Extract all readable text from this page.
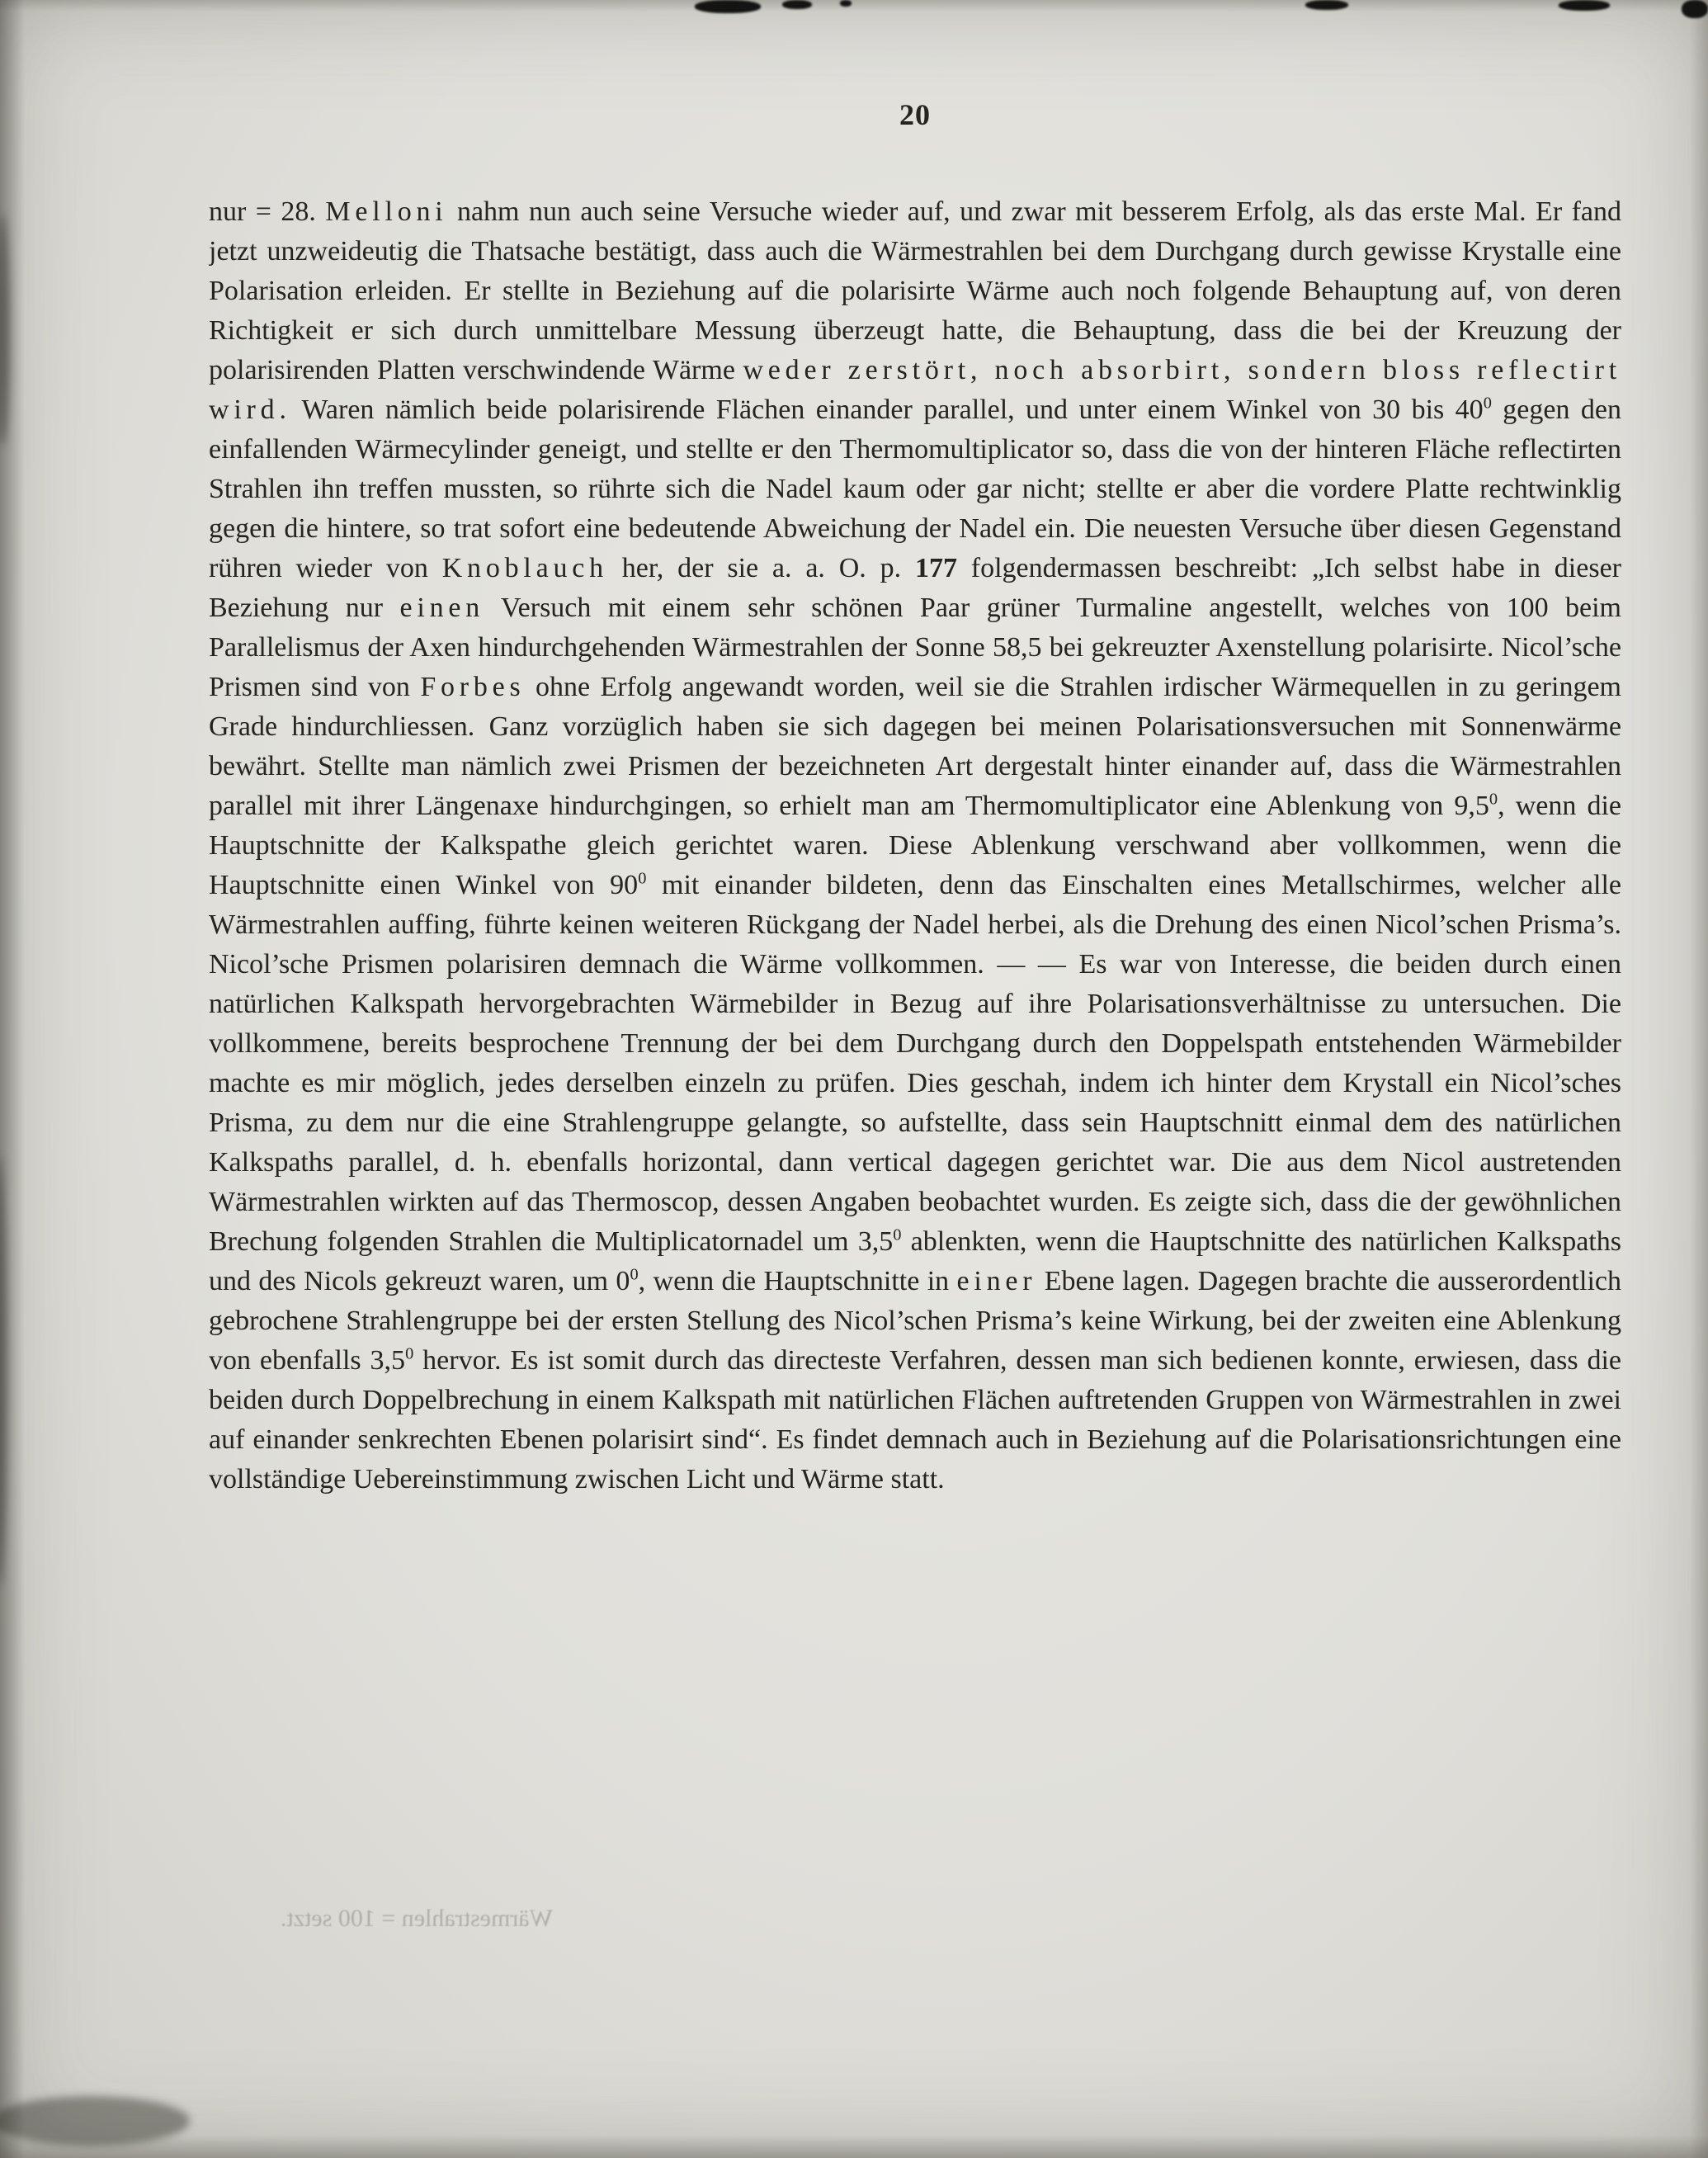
20
nur = 28. Melloni nahm nun auch seine Versuche wieder auf, und zwar mit besserem Erfolg, als das erste Mal. Er fand jetzt unzweideutig die Thatsache bestätigt, dass auch die Wärmestrahlen bei dem Durchgang durch gewisse Krystalle eine Polarisation erleiden. Er stellte in Beziehung auf die polarisirte Wärme auch noch folgende Behauptung auf, von deren Richtigkeit er sich durch unmittelbare Messung überzeugt hatte, die Behauptung, dass die bei der Kreuzung der polarisirenden Platten verschwindende Wärme weder zerstört, noch absorbirt, sondern bloss reflectirt wird. Waren nämlich beide polarisirende Flächen einander parallel, und unter einem Winkel von 30 bis $40^0$ gegen den einfallenden Wärmecylinder geneigt, und stellte er den Thermomultiplicator so, dass die von der hinteren Fläche reflectirten Strahlen ihn treffen mussten, so rührte sich die Nadel kaum oder gar nicht; stellte er aber die vordere Platte rechtwinklig gegen die hintere, so trat sofort eine bedeutende Abweichung der Nadel ein. Die neuesten Versuche über diesen Gegenstand rühren wieder von Knoblauch her, der sie a. a. O. p. 177 folgendermassen beschreibt: „Ich selbst habe in dieser Beziehung nur einen Versuch mit einem sehr schönen Paar grüner Turmaline angestellt, welches von 100 beim Parallelismus der Axen hindurchgehenden Wärmestrahlen der Sonne 58,5 bei gekreuzter Axenstellung polarisirte. Nicol’sche Prismen sind von Forbes ohne Erfolg angewandt worden, weil sie die Strahlen irdischer Wärmequellen in zu geringem Grade hindurchliessen. Ganz vorzüglich haben sie sich dagegen bei meinen Polarisationsversuchen mit Sonnenwärme bewährt. Stellte man nämlich zwei Prismen der bezeichneten Art dergestalt hinter einander auf, dass die Wärmestrahlen parallel mit ihrer Längenaxe hindurchgingen, so erhielt man am Thermomultiplicator eine Ablenkung von $9,5^0$, wenn die Hauptschnitte der Kalkspathe gleich gerichtet waren. Diese Ablenkung verschwand aber vollkommen, wenn die Hauptschnitte einen Winkel von $90^0$ mit einander bildeten, denn das Einschalten eines Metallschirmes, welcher alle Wärmestrahlen auffing, führte keinen weiteren Rückgang der Nadel herbei, als die Drehung des einen Nicol’schen Prisma’s. Nicol’sche Prismen polarisiren demnach die Wärme vollkommen. — — Es war von Interesse, die beiden durch einen natürlichen Kalkspath hervorgebrachten Wärmebilder in Bezug auf ihre Polarisationsverhältnisse zu untersuchen. Die vollkommene, bereits besprochene Trennung der bei dem Durchgang durch den Doppelspath entstehenden Wärmebilder machte es mir möglich, jedes derselben einzeln zu prüfen. Dies geschah, indem ich hinter dem Krystall ein Nicol’sches Prisma, zu dem nur die eine Strahlengruppe gelangte, so aufstellte, dass sein Hauptschnitt einmal dem des natürlichen Kalkspaths parallel, d. h. ebenfalls horizontal, dann vertical dagegen gerichtet war. Die aus dem Nicol austretenden Wärmestrahlen wirkten auf das Thermoscop, dessen Angaben beobachtet wurden. Es zeigte sich, dass die der gewöhnlichen Brechung folgenden Strahlen die Multiplicatornadel um $3,5^0$ ablenkten, wenn die Hauptschnitte des natürlichen Kalkspaths und des Nicols gekreuzt waren, um $0^0$, wenn die Hauptschnitte in einer Ebene lagen. Dagegen brachte die ausserordentlich gebrochene Strahlengruppe bei der ersten Stellung des Nicol’schen Prisma’s keine Wirkung, bei der zweiten eine Ablenkung von ebenfalls $3,5^0$ hervor. Es ist somit durch das directeste Verfahren, dessen man sich bedienen konnte, erwiesen, dass die beiden durch Doppelbrechung in einem Kalkspath mit natürlichen Flächen auftretenden Gruppen von Wärmestrahlen in zwei auf einander senkrechten Ebenen polarisirt sind“. Es findet demnach auch in Beziehung auf die Polarisationsrichtungen eine vollständige Uebereinstimmung zwischen Licht und Wärme statt.
Wärmestrahlen = 100 setzt.
